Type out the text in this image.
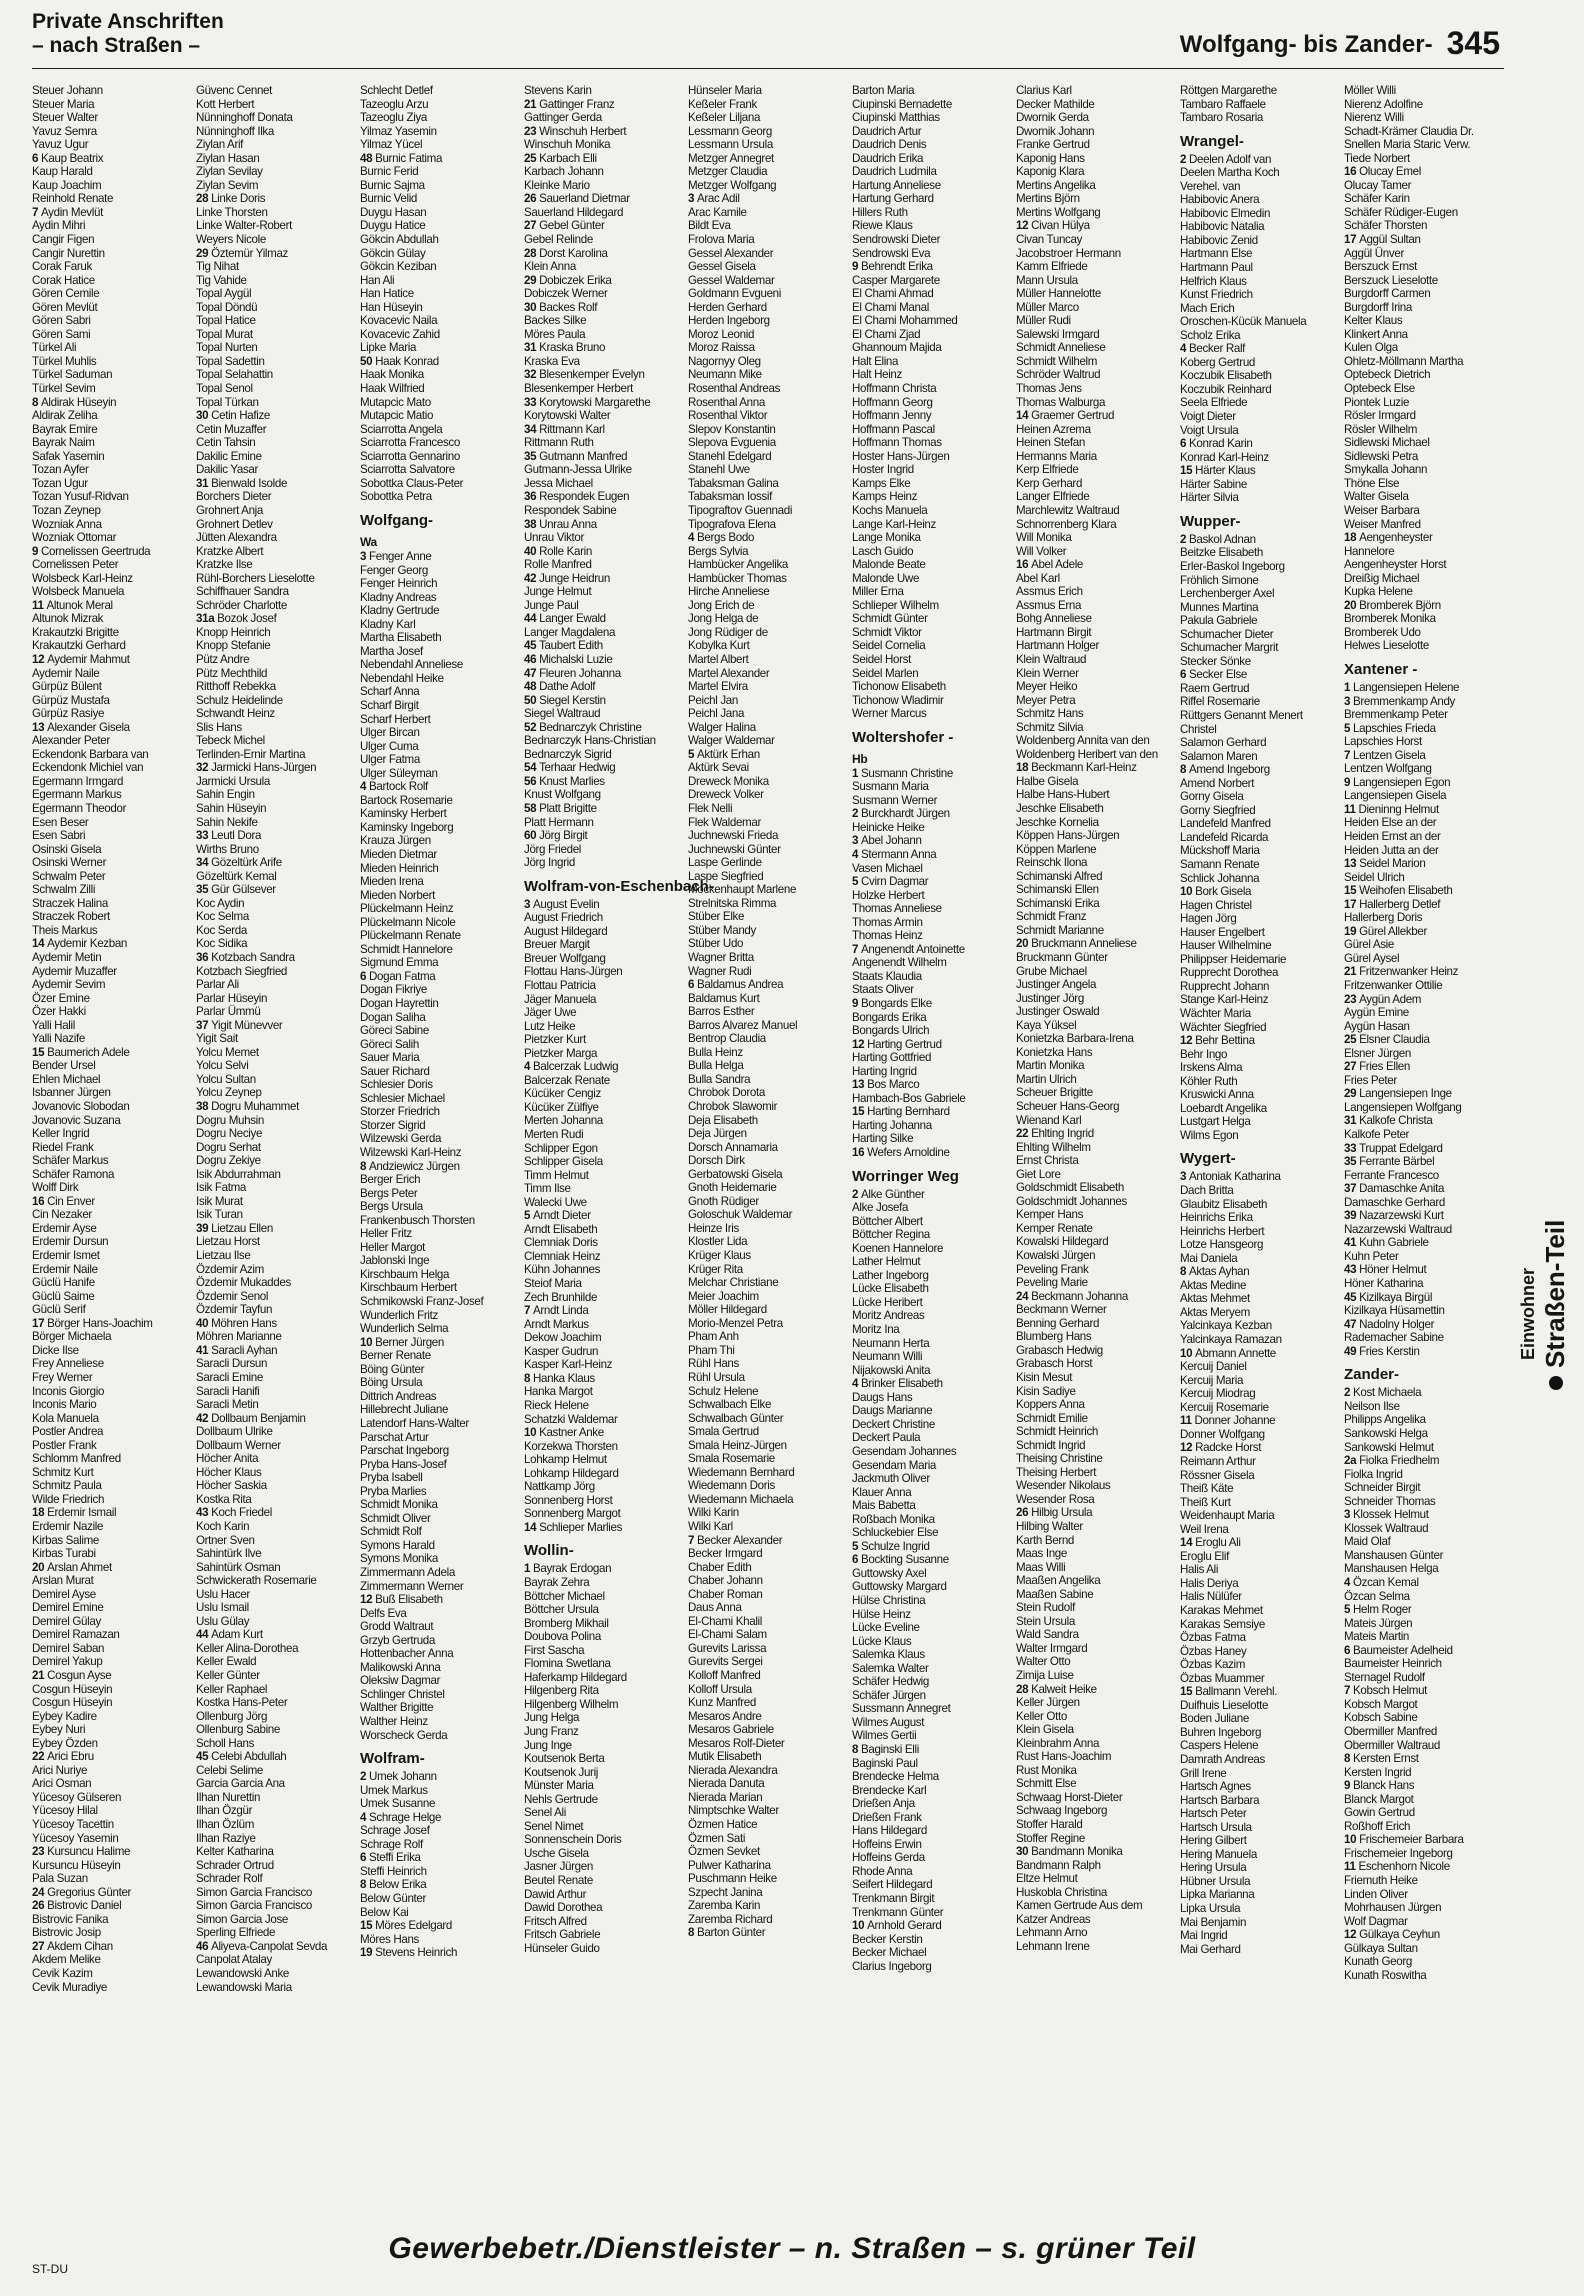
Private Anschriften
– nach Straßen –	Wolfgang- bis Zander- 345
Steuer Johann
Steuer Maria
Steuer Walter
Yavuz Semra
Yavuz Ugur
6 Kaup Beatrix
Kaup Harald
Kaup Joachim
Reinhold Renate
7 Aydin Mevlüt
Aydin Mihri
Cangir Figen
Cangir Nurettin
Corak Faruk
Corak Hatice
Gören Cemile
Gören Mevlüt
Gören Sabri
Gören Sami
Türkel Ali
Türkel Muhlis
Türkel Saduman
Türkel Sevim
8 Aldirak Hüseyin
Aldirak Zeliha
Bayrak Emire
Bayrak Naim
Safak Yasemin
Tozan Ayfer
Tozan Ugur
Tozan Yusuf-Ridvan
Tozan Zeynep
Wozniak Anna
Wozniak Ottomar
9 Cornelissen Geertruda
Cornelissen Peter
Wolsbeck Karl-Heinz
Wolsbeck Manuela
11 Altunok Meral
Altunok Mizrak
Krakautzki Brigitte
Krakautzki Gerhard
12 Aydemir Mahmut
Aydemir Naile
Gürpüz Bülent
Gürpüz Mustafa
Gürpüz Rasiye
13 Alexander Gisela
Alexander Peter
Eckendonk Barbara van
Eckendonk Michiel van
Egermann Irmgard
Egermann Markus
Egermann Theodor
Esen Beser
Esen Sabri
Osinski Gisela
Osinski Werner
Schwalm Peter
Schwalm Zilli
Straczek Halina
Straczek Robert
Theis Markus
14 Aydemir Kezban
Aydemir Metin
Aydemir Muzaffer
Aydemir Sevim
Özer Emine
Özer Hakki
Yalli Halil
Yalli Nazife
15 Baumerich Adele
Bender Ursel
Ehlen Michael
Isbanner Jürgen
Jovanovic Slobodan
Jovanovic Suzana
Keller Ingrid
Riedel Frank
Schäfer Markus
Schäfer Ramona
Wolff Dirk
16 Cin Enver
Cin Nezaker
Erdemir Ayse
Erdemir Dursun
Erdemir Ismet
Erdemir Naile
Güclü Hanife
Güclü Saime
Güclü Serif
17 Börger Hans-Joachim
Börger Michaela
Dicke Ilse
Frey Anneliese
Frey Werner
Inconis Giorgio
Inconis Mario
Kola Manuela
Postler Andrea
Postler Frank
Schlomm Manfred
Schmitz Kurt
Schmitz Paula
Wilde Friedrich
18 Erdemir Ismail
Erdemir Nazile
Kirbas Salime
Kirbas Turabi
20 Arslan Ahmet
Arslan Murat
Demirel Ayse
Demirel Emine
Demirel Gülay
Demirel Ramazan
Demirel Saban
Demirel Yakup
21 Cosgun Ayse
Cosgun Hüseyin
Cosgun Hüseyin
Eybey Kadire
Eybey Nuri
Eybey Özden
22 Arici Ebru
Arici Nuriye
Arici Osman
Yücesoy Gülseren
Yücesoy Hilal
Yücesoy Tacettin
Yücesoy Yasemin
23 Kursuncu Halime
Kursuncu Hüseyin
Pala Suzan
24 Gregorius Günter
26 Bistrovic Daniel
Bistrovic Fanika
Bistrovic Josip
27 Akdem Cihan
Akdem Melike
Cevik Kazim
Cevik Muradiye
Güvenc Cennet
Kott Herbert
Nünninghoff Donata
Nünninghoff Ilka
Ziylan Arif
Ziylan Hasan
Ziylan Sevilay
Ziylan Sevim
28 Linke Doris
Linke Thorsten
Linke Walter-Robert
Weyers Nicole
29 Öztemür Yilmaz
Tig Nihat
Tig Vahide
Topal Aygül
Topal Döndü
Topal Hatice
Topal Murat
Topal Nurten
Topal Sadettin
Topal Selahattin
Topal Senol
Topal Türkan
30 Cetin Hafize
Cetin Muzaffer
Cetin Tahsin
Dakilic Emine
Dakilic Yasar
31 Bienwald Isolde
Borchers Dieter
Grohnert Anja
Grohnert Detlev
Jütten Alexandra
Kratzke Albert
Kratzke Ilse
Rühl-Borchers Lieselotte
Schiffhauer Sandra
Schröder Charlotte
31a Bozok Josef
Knopp Heinrich
Knopp Stefanie
Pütz Andre
Pütz Mechthild
Ritthoff Rebekka
Schulz Heidelinde
Schwandt Heinz
Slis Hans
Tebeck Michel
Terlinden-Ernir Martina
32 Jarmicki Hans-Jürgen
Jarmicki Ursula
Sahin Engin
Sahin Hüseyin
Sahin Nekife
33 Leutl Dora
Wirths Bruno
34 Gözeltürk Arife
Gözeltürk Kemal
35 Gür Gülsever
Koc Aydin
Koc Selma
Koc Serda
Koc Sidika
36 Kotzbach Sandra
Kotzbach Siegfried
Parlar Ali
Parlar Hüseyin
Parlar Ümmü
37 Yigit Münevver
Yigit Sait
Yolcu Memet
Yolcu Selvi
Yolcu Sultan
Yolcu Zeynep
38 Dogru Muhammet
Dogru Muhsin
Dogru Neciye
Dogru Serhat
Dogru Zekiye
Isik Abdurrahman
Isik Fatma
Isik Murat
Isik Turan
39 Lietzau Ellen
Lietzau Horst
Lietzau Ilse
Özdemir Azim
Özdemir Mukaddes
Özdemir Senol
Özdemir Tayfun
40 Möhren Hans
Möhren Marianne
41 Saracli Ayhan
Saracli Dursun
Saracli Emine
Saracli Hanifi
Saracli Metin
42 Dollbaum Benjamin
Dollbaum Ulrike
Dollbaum Werner
Höcher Anita
Höcher Klaus
Höcher Saskia
Kostka Rita
43 Koch Friedel
Koch Karin
Ortner Sven
Sahintürk Ilve
Sahintürk Osman
Schwickerath Rosemarie
Uslu Hacer
Uslu Ismail
Uslu Gülay
44 Adam Kurt
Keller Alina-Dorothea
Keller Ewald
Keller Günter
Keller Raphael
Kostka Hans-Peter
Ollenburg Jörg
Ollenburg Sabine
Scholl Hans
45 Celebi Abdullah
Celebi Selime
Garcia Garcia Ana
Ilhan Nurettin
Ilhan Özgür
Ilhan Özlüm
Ilhan Raziye
Kelter Katharina
Schrader Ortrud
Schrader Rolf
Simon Garcia Francisco
Simon Garcia Francisco
Simon Garcia Jose
Sperling Elfriede
46 Aliyeva-Canpolat Sevda
Canpolat Atalay
Lewandowski Anke
Lewandowski Maria
Schlecht Detlef
Tazeoglu Arzu
Tazeoglu Ziya
Yilmaz Yasemin
Yilmaz Yücel
48 Burnic Fatima
Burnic Ferid
Burnic Sajma
Burnic Velid
Duygu Hasan
Duygu Hatice
Gökcin Abdullah
Gökcin Gülay
Gökcin Keziban
Han Ali
Han Hatice
Han Hüseyin
Kovacevic Naila
Kovacevic Zahid
Lipke Maria
50 Haak Konrad
Haak Monika
Haak Wilfried
Mutapcic Mato
Mutapcic Matio
Sciarrotta Angela
Sciarrotta Francesco
Sciarrotta Gennarino
Sciarrotta Salvatore
Sobottka Claus-Peter
Sobottka Petra
Wolfgang-
Wa
3 Fenger Anne
Fenger Georg
Fenger Heinrich
Kladny Andreas
Kladny Gertrude
Kladny Karl
Martha Elisabeth
Martha Josef
Nebendahl Anneliese
Nebendahl Heike
Scharf Anna
Scharf Birgit
Scharf Herbert
Ulger Bircan
Ulger Cuma
Ulger Fatma
Ulger Süleyman
4 Bartock Rolf
Bartock Rosemarie
Kaminsky Herbert
Kaminsky Ingeborg
Krauza Jürgen
Mieden Dietmar
Mieden Heinrich
Mieden Irena
Mieden Norbert
Plückelmann Heinz
Plückelmann Nicole
Plückelmann Renate
Schmidt Hannelore
Sigmund Emma
6 Dogan Fatma
Dogan Fikriye
Dogan Hayrettin
Dogan Saliha
Göreci Sabine
Göreci Salih
Sauer Maria
Sauer Richard
Schlesier Doris
Schlesier Michael
Storzer Friedrich
Storzer Sigrid
Wilzewski Gerda
Wilzewski Karl-Heinz
8 Andziewicz Jürgen
Berger Erich
Bergs Peter
Bergs Ursula
Frankenbusch Thorsten
Heller Fritz
Heller Margot
Jablonski Inge
Kirschbaum Helga
Kirschbaum Herbert
Schmikowski Franz-Josef
Wunderlich Fritz
Wunderlich Selma
10 Berner Jürgen
Berner Renate
Böing Günter
Böing Ursula
Dittrich Andreas
Hillebrecht Juliane
Latendorf Hans-Walter
Parschat Artur
Parschat Ingeborg
Pryba Hans-Josef
Pryba Isabell
Pryba Marlies
Schmidt Monika
Schmidt Oliver
Schmidt Rolf
Symons Harald
Symons Monika
Zimmermann Adela
Zimmermann Werner
12 Buß Elisabeth
Delfs Eva
Grodd Waltraut
Grzyb Gertruda
Hottenbacher Anna
Malikowski Anna
Oleksiw Dagmar
Schlinger Christel
Walther Brigitte
Walther Heinz
Worscheck Gerda
Wolfram-
2 Umek Johann
Umek Markus
Umek Susanne
4 Schrage Helge
Schrage Josef
Schrage Rolf
6 Steffi Erika
Steffi Heinrich
8 Below Erika
Below Günter
Below Kai
15 Möres Edelgard
Möres Hans
19 Stevens Heinrich
Stevens Karin
21 Gattinger Franz
Gattinger Gerda
23 Winschuh Herbert
Winschuh Monika
25 Karbach Elli
Karbach Johann
Kleinke Mario
26 Sauerland Dietmar
Sauerland Hildegard
27 Gebel Günter
Gebel Relinde
28 Dorst Karolina
Klein Anna
29 Dobiczek Erika
Dobiczek Werner
30 Backes Rolf
Backes Silke
Möres Paula
31 Kraska Bruno
Kraska Eva
32 Blesenkemper Evelyn
Blesenkemper Herbert
33 Korytowski Margarethe
Korytowski Walter
34 Rittmann Karl
Rittmann Ruth
35 Gutmann Manfred
Gutmann-Jessa Ulrike
Jessa Michael
36 Respondek Eugen
Respondek Sabine
38 Unrau Anna
Unrau Viktor
40 Rolle Karin
Rolle Manfred
42 Junge Heidrun
Junge Helmut
Junge Paul
44 Langer Ewald
Langer Magdalena
45 Taubert Edith
46 Michalski Luzie
47 Fleuren Johanna
48 Dathe Adolf
50 Siegel Kerstin
Siegel Waltraud
52 Bednarczyk Christine
Bednarczyk Hans-Christian
Bednarczyk Sigrid
54 Terhaar Hedwig
56 Knust Marlies
Knust Wolfgang
58 Platt Brigitte
Platt Hermann
60 Jörg Birgit
Jörg Friedel
Jörg Ingrid
Wolfram-von-Eschenbach-
3 August Evelin
August Friedrich
August Hildegard
Breuer Margit
Breuer Wolfgang
Flottau Hans-Jürgen
Flottau Patricia
Jäger Manuela
Jäger Uwe
Lutz Heike
Pietzker Kurt
Pietzker Marga
4 Balcerzak Ludwig
Balcerzak Renate
Kücüker Cengiz
Kücüker Zülfiye
Merten Johanna
Merten Rudi
Schlipper Egon
Schlipper Gisela
Timm Helmut
Timm Ilse
Walecki Uwe
5 Arndt Dieter
Arndt Elisabeth
Clemniak Doris
Clemniak Heinz
Kühn Johannes
Steiof Maria
Zech Brunhilde
7 Arndt Linda
Arndt Markus
Dekow Joachim
Kasper Gudrun
Kasper Karl-Heinz
8 Hanka Klaus
Hanka Margot
Rieck Helene
Schatzki Waldemar
10 Kastner Anke
Korzekwa Thorsten
Lohkamp Helmut
Lohkamp Hildegard
Nattkamp Jörg
Sonnenberg Horst
Sonnenberg Margot
14 Schlieper Marlies
Wollin-
1 Bayrak Erdogan
Bayrak Zehra
Böttcher Michael
Böttcher Ursula
Bromberg Mikhail
Doubova Polina
First Sascha
Flomina Swetlana
Haferkamp Hildegard
Hilgenberg Rita
Hilgenberg Wilhelm
Jung Helga
Jung Franz
Jung Inge
Koutsenok Berta
Koutsenok Jurij
Münster Maria
Nehls Gertrude
Senel Ali
Senel Nimet
Sonnenschein Doris
Usche Gisela
Jasner Jürgen
Beutel Renate
Dawid Arthur
Dawid Dorothea
Fritsch Alfred
Fritsch Gabriele
Hünseler Guido
Hünseler Maria
Keßeler Frank
Keßeler Liljana
Lessmann Georg
Lessmann Ursula
Metzger Annegret
Metzger Claudia
Metzger Wolfgang
3 Arac Adil
Arac Kamile
Bildt Eva
Frolova Maria
Gessel Alexander
Gessel Gisela
Gessel Waldemar
Goldmann Evgueni
Herden Gerhard
Herden Ingeborg
Moroz Leonid
Moroz Raissa
Nagornyy Oleg
Neumann Mike
Rosenthal Andreas
Rosenthal Anna
Rosenthal Viktor
Slepov Konstantin
Slepova Evguenia
Stanehl Edelgard
Stanehl Uwe
Tabaksman Galina
Tabaksman Iossif
Tipograftov Guennadi
Tipografova Elena
4 Bergs Bodo
Bergs Sylvia
Hambücker Angelika
Hambücker Thomas
Hirche Anneliese
Jong Erich de
Jong Helga de
Jong Rüdiger de
Kobylka Kurt
Martel Albert
Martel Alexander
Martel Elvira
Peichl Jan
Peichl Jana
Walger Halina
Walger Waldemar
5 Aktürk Erhan
Aktürk Sevai
Dreweck Monika
Dreweck Volker
Flek Nelli
Flek Waldemar
Juchnewski Frieda
Juchnewski Günter
Laspe Gerlinde
Laspe Siegfried
Mockenhaupt Marlene
Strelnitska Rimma
Stüber Elke
Stüber Mandy
Stüber Udo
Wagner Britta
Wagner Rudi
6 Baldamus Andrea
Baldamus Kurt
Barros Esther
Barros Alvarez Manuel
Bentrop Claudia
Bulla Heinz
Bulla Helga
Bulla Sandra
Chrobok Dorota
Chrobok Slawomir
Deja Elisabeth
Deja Jürgen
Dorsch Annamaria
Dorsch Dirk
Gerbatowski Gisela
Gnoth Heidemarie
Gnoth Rüdiger
Goloschuk Waldemar
Heinze Iris
Klostler Lida
Krüger Klaus
Krüger Rita
Melchar Christiane
Meier Joachim
Möller Hildegard
Morio-Menzel Petra
Pham Anh
Pham Thi
Rühl Hans
Rühl Ursula
Schulz Helene
Schwalbach Elke
Schwalbach Günter
Smala Gertrud
Smala Heinz-Jürgen
Smala Rosemarie
Wiedemann Bernhard
Wiedemann Doris
Wiedemann Michaela
Wilki Karin
Wilki Karl
7 Becker Alexander
Becker Irmgard
Chaber Edith
Chaber Johann
Chaber Roman
Daus Anna
El-Chami Khalil
El-Chami Salam
Gurevits Larissa
Gurevits Sergei
Kolloff Manfred
Kolloff Ursula
Kunz Manfred
Mesaros Andre
Mesaros Gabriele
Mesaros Rolf-Dieter
Mutik Elisabeth
Nierada Alexandra
Nierada Danuta
Nierada Marian
Nimptschke Walter
Özmen Hatice
Özmen Sati
Özmen Sevket
Pulwer Katharina
Puschmann Heike
Szpecht Janina
Zaremba Karin
Zaremba Richard
8 Barton Günter
Barton Maria
Ciupinski Bernadette
Ciupinski Matthias
Daudrich Artur
Daudrich Denis
Daudrich Erika
Daudrich Ludmila
Hartung Anneliese
Hartung Gerhard
Hillers Ruth
Riewe Klaus
Sendrowski Dieter
Sendrowski Eva
9 Behrendt Erika
Casper Margarete
El Chami Ahmad
El Chami Manal
El Chami Mohammed
El Chami Zjad
Ghannoum Majida
Halt Elina
Halt Heinz
Hoffmann Christa
Hoffmann Georg
Hoffmann Jenny
Hoffmann Pascal
Hoffmann Thomas
Hoster Hans-Jürgen
Hoster Ingrid
Kamps Elke
Kamps Heinz
Kochs Manuela
Lange Karl-Heinz
Lange Monika
Lasch Guido
Malonde Beate
Malonde Uwe
Miller Erna
Schlieper Wilhelm
Schmidt Günter
Schmidt Viktor
Seidel Cornelia
Seidel Horst
Seidel Marlen
Tichonow Elisabeth
Tichonow Wladimir
Werner Marcus
Woltershofer -
Hb
1 Susmann Christine
Susmann Maria
Susmann Werner
2 Burckhardt Jürgen
Heinicke Heike
3 Abel Johann
4 Stermann Anna
Vasen Michael
5 Cvirn Dagmar
Holzke Herbert
Thomas Anneliese
Thomas Armin
Thomas Heinz
7 Angenendt Antoinette
Angenendt Wilhelm
Staats Klaudia
Staats Oliver
9 Bongards Elke
Bongards Erika
Bongards Ulrich
12 Harting Gertrud
Harting Gottfried
Harting Ingrid
13 Bos Marco
Hambach-Bos Gabriele
15 Harting Bernhard
Harting Johanna
Harting Silke
16 Wefers Arnoldine
Worringer Weg
2 Alke Günther
Alke Josefa
Böttcher Albert
Böttcher Regina
Koenen Hannelore
Lather Helmut
Lather Ingeborg
Lücke Elisabeth
Lücke Heribert
Moritz Andreas
Moritz Ina
Neumann Herta
Neumann Willi
Nijakowski Anita
4 Brinker Elisabeth
Daugs Hans
Daugs Marianne
Deckert Christine
Deckert Paula
Gesendam Johannes
Gesendam Maria
Jackmuth Oliver
Klauer Anna
Mais Babetta
Roßbach Monika
Schluckebier Else
5 Schulze Ingrid
6 Bockting Susanne
Guttowsky Axel
Guttowsky Margard
Hülse Christina
Hülse Heinz
Lücke Eveline
Lücke Klaus
Salemka Klaus
Salemka Walter
Schäfer Hedwig
Schäfer Jürgen
Sussmann Annegret
Wilmes August
Wilmes Gertii
8 Baginski Elli
Baginski Paul
Brendecke Helma
Brendecke Karl
Drießen Anja
Drießen Frank
Hans Hildegard
Hoffeins Erwin
Hoffeins Gerda
Rhode Anna
Seifert Hildegard
Trenkmann Birgit
Trenkmann Günter
10 Arnhold Gerard
Becker Kerstin
Becker Michael
Clarius Ingeborg
Clarius Karl
Decker Mathilde
Dwornik Gerda
Dwornik Johann
Franke Gertrud
Kaponig Hans
Kaponig Klara
Mertins Angelika
Mertins Björn
Mertins Wolfgang
12 Civan Hülya
Civan Tuncay
Jacobstroer Hermann
Kamm Elfriede
Mann Ursula
Müller Hannelotte
Müller Marco
Müller Rudi
Salewski Irmgard
Schmidt Anneliese
Schmidt Wilhelm
Schröder Waltrud
Thomas Jens
Thomas Walburga
14 Graemer Gertrud
Heinen Azrema
Heinen Stefan
Hermanns Maria
Kerp Elfriede
Kerp Gerhard
Langer Elfriede
Marchlewitz Waltraud
Schnorrenberg Klara
Will Monika
Will Volker
16 Abel Adele
Abel Karl
Assmus Erich
Assmus Erna
Bohg Anneliese
Hartmann Birgit
Hartmann Holger
Klein Waltraud
Klein Werner
Meyer Heiko
Meyer Petra
Schmitz Hans
Schmitz Silvia
Woldenberg Annita van den
Woldenberg Heribert van den
18 Beckmann Karl-Heinz
Halbe Gisela
Halbe Hans-Hubert
Jeschke Elisabeth
Jeschke Kornelia
Köppen Hans-Jürgen
Köppen Marlene
Reinschk Ilona
Schimanski Alfred
Schimanski Ellen
Schimanski Erika
Schmidt Franz
Schmidt Marianne
20 Bruckmann Anneliese
Bruckmann Günter
Grube Michael
Justinger Angela
Justinger Jörg
Justinger Oswald
Kaya Yüksel
Konietzka Barbara-Irena
Konietzka Hans
Martin Monika
Martin Ulrich
Scheuer Brigitte
Scheuer Hans-Georg
Wienand Karl
22 Ehlting Ingrid
Ehlting Wilhelm
Ernst Christa
Giet Lore
Goldschmidt Elisabeth
Goldschmidt Johannes
Kemper Hans
Kemper Renate
Kowalski Hildegard
Kowalski Jürgen
Peveling Frank
Peveling Marie
24 Beckmann Johanna
Beckmann Werner
Benning Gerhard
Blumberg Hans
Grabasch Hedwig
Grabasch Horst
Kisin Mesut
Kisin Sadiye
Koppers Anna
Schmidt Emilie
Schmidt Heinrich
Schmidt Ingrid
Theising Christine
Theising Herbert
Wesender Nikolaus
Wesender Rosa
26 Hilbig Ursula
Hilbing Walter
Karth Bernd
Maas Inge
Maas Willi
Maaßen Angelika
Maaßen Sabine
Stein Rudolf
Stein Ursula
Wald Sandra
Walter Irmgard
Walter Otto
Zimija Luise
28 Kalweit Heike
Keller Jürgen
Keller Otto
Klein Gisela
Kleinbrahm Anna
Rust Hans-Joachim
Rust Monika
Schmitt Else
Schwaag Horst-Dieter
Schwaag Ingeborg
Stoffer Harald
Stoffer Regine
30 Bandmann Monika
Bandmann Ralph
Eltze Helmut
Huskobla Christina
Kamen Gertrude Aus dem
Katzer Andreas
Lehmann Arno
Lehmann Irene
Röttgen Margarethe
Tambaro Raffaele
Tambaro Rosaria
Wrangel-
2 Deelen Adolf van
Deelen Martha Koch
Verehel. van
Habibovic Anera
Habibovic Elmedin
Habibovic Natalia
Habibovic Zenid
Hartmann Else
Hartmann Paul
Helfrich Klaus
Kunst Friedrich
Mach Erich
Oroschen-Kücük Manuela
Scholz Erika
4 Becker Ralf
Koberg Gertrud
Koczubik Elisabeth
Koczubik Reinhard
Seela Elfriede
Voigt Dieter
Voigt Ursula
6 Konrad Karin
Konrad Karl-Heinz
15 Härter Klaus
Härter Sabine
Härter Silvia
Wupper-
2 Baskol Adnan
Beitzke Elisabeth
Erler-Baskol Ingeborg
Fröhlich Simone
Lerchenberger Axel
Munnes Martina
Pakula Gabriele
Schumacher Dieter
Schumacher Margrit
Stecker Sönke
6 Secker Else
Raem Gertrud
Riffel Rosemarie
Rüttgers Genannt Menert
Christel
Salamon Gerhard
Salamon Maren
8 Amend Ingeborg
Amend Norbert
Gorny Gisela
Gorny Siegfried
Landefeld Manfred
Landefeld Ricarda
Mückshoff Maria
Samann Renate
Schlick Johanna
10 Bork Gisela
Hagen Christel
Hagen Jörg
Hauser Engelbert
Hauser Wilhelmine
Philippser Heidemarie
Rupprecht Dorothea
Rupprecht Johann
Stange Karl-Heinz
Wächter Maria
Wächter Siegfried
12 Behr Bettina
Behr Ingo
Irskens Alma
Köhler Ruth
Kruswicki Anna
Loebardt Angelika
Lustgart Helga
Wilms Egon
Wygert-
3 Antoniak Katharina
Dach Britta
Glaubitz Elisabeth
Heinrichs Erika
Heinrichs Herbert
Lotze Hansgeorg
Mai Daniela
8 Aktas Ayhan
Aktas Medine
Aktas Mehmet
Aktas Meryem
Yalcinkaya Kezban
Yalcinkaya Ramazan
10 Abmann Annette
Kercuij Daniel
Kercuij Maria
Kercuij Miodrag
Kercuij Rosemarie
11 Donner Johanne
Donner Wolfgang
12 Radcke Horst
Reimann Arthur
Rössner Gisela
Theiß Käte
Theiß Kurt
Weidenhaupt Maria
Weil Irena
14 Eroglu Ali
Eroglu Elif
Halis Ali
Halis Deriya
Halis Nülüfer
Karakas Mehmet
Karakas Semsiye
Özbas Fatma
Özbas Haney
Özbas Kazim
Özbas Muammer
15 Ballmann Verehl.
Duifhuis Lieselotte
Boden Juliane
Buhren Ingeborg
Caspers Helene
Damrath Andreas
Grill Irene
Hartsch Agnes
Hartsch Barbara
Hartsch Peter
Hartsch Ursula
Hering Gilbert
Hering Manuela
Hering Ursula
Hübner Ursula
Lipka Marianna
Lipka Ursula
Mai Benjamin
Mai Ingrid
Mai Gerhard
Möller Willi
Nierenz Adolfine
Nierenz Willi
Schadt-Krämer Claudia Dr.
Snellen Maria Staric Verw.
Tiede Norbert
16 Olucay Emel
Olucay Tamer
Schäfer Karin
Schäfer Rüdiger-Eugen
Schäfer Thorsten
17 Aggül Sultan
Aggül Ünver
Berszuck Ernst
Berszuck Lieselotte
Burgdorff Carmen
Burgdorff Irina
Kelter Klaus
Klinkert Anna
Kulen Olga
Ohletz-Möllmann Martha
Optebeck Dietrich
Optebeck Else
Piontek Luzie
Rösler Irmgard
Rösler Wilhelm
Sidlewski Michael
Sidlewski Petra
Smykalla Johann
Thöne Else
Walter Gisela
Weiser Barbara
Weiser Manfred
18 Aengenheyster
Hannelore
Aengenheyster Horst
Dreißig Michael
Kupka Helene
20 Bromberek Björn
Bromberek Monika
Bromberek Udo
Helwes Lieselotte
Xantener -
1 Langensiepen Helene
3 Bremmenkamp Andy
Bremmenkamp Peter
5 Lapschies Frieda
Lapschies Horst
7 Lentzen Gisela
Lentzen Wolfgang
9 Langensiepen Egon
Langensiepen Gisela
11 Dieninng Helmut
Heiden Else an der
Heiden Ernst an der
Heiden Jutta an der
13 Seidel Marion
Seidel Ulrich
15 Weihofen Elisabeth
17 Hallerberg Detlef
Hallerberg Doris
19 Gürel Allekber
Gürel Asie
Gürel Aysel
21 Fritzenwanker Heinz
Fritzenwanker Ottilie
23 Aygün Adem
Aygün Emine
Aygün Hasan
25 Elsner Claudia
Elsner Jürgen
27 Fries Ellen
Fries Peter
29 Langensiepen Inge
Langensiepen Wolfgang
31 Kalkofe Christa
Kalkofe Peter
33 Truppat Edelgard
35 Ferrante Bärbel
Ferrante Francesco
37 Damaschke Anita
Damaschke Gerhard
39 Nazarzewski Kurt
Nazarzewski Waltraud
41 Kuhn Gabriele
Kuhn Peter
43 Höner Helmut
Höner Katharina
45 Kizilkaya Birgül
Kizilkaya Hüsamettin
47 Nadolny Holger
Rademacher Sabine
49 Fries Kerstin
Zander-
2 Kost Michaela
Neilson Ilse
Philipps Angelika
Sankowski Helga
Sankowski Helmut
2a Fiolka Friedhelm
Fiolka Ingrid
Schneider Birgit
Schneider Thomas
3 Klossek Helmut
Klossek Waltraud
Maid Olaf
Manshausen Günter
Manshausen Helga
4 Özcan Kemal
Özcan Selma
5 Helm Roger
Mateis Jürgen
Mateis Martin
6 Baumeister Adelheid
Baumeister Heinrich
Sternagel Rudolf
7 Kobsch Helmut
Kobsch Margot
Kobsch Sabine
Obermiller Manfred
Obermiller Waltraud
8 Kersten Ernst
Kersten Ingrid
9 Blanck Hans
Blanck Margot
Gowin Gertrud
Roßhoff Erich
10 Frischemeier Barbara
Frischemeier Ingeborg
11 Eschenhorn Nicole
Friemuth Heike
Linden Oliver
Mohrhausen Jürgen
Wolf Dagmar
12 Gülkaya Ceyhun
Gülkaya Sultan
Kunath Georg
Kunath Roswitha
Einwohner Straßen-Teil
Gewerbebetr./Dienstleister – n. Straßen – s. grüner Teil
ST-DU
